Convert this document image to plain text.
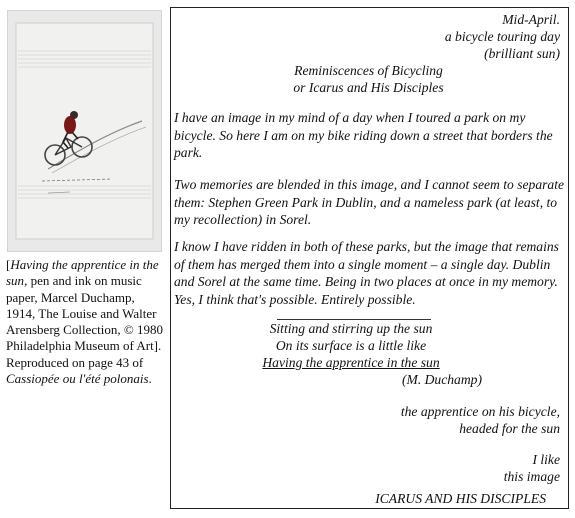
[Having the apprentice in the sun, pen and ink on music paper, Marcel Duchamp, 1914, The Louise and Walter Arensberg Collection, © 1980 Philadelphia Museum of Art]. Reproduced on page 43 of Cassiopée ou l'été polonais.
Mid-April.
a bicycle touring day
(brilliant sun)
Reminiscences of Bicycling
or Icarus and His Disciples
I have an image in my mind of a day when I toured a park on my bicycle. So here I am on my bike riding down a street that borders the park.
Two memories are blended in this image, and I cannot seem to separate them: Stephen Green Park in Dublin, and a nameless park (at least, to my recollection) in Sorel.
I know I have ridden in both of these parks, but the image that remains of them has merged them into a single moment – a single day. Dublin and Sorel at the same time. Being in two places at once in my memory. Yes, I think that's possible. Entirely possible.
Sitting and stirring up the sun
On its surface is a little like
Having the apprentice in the sun
(M. Duchamp)
the apprentice on his bicycle,
headed for the sun
I like
this image
ICARUS AND HIS DISCIPLES
